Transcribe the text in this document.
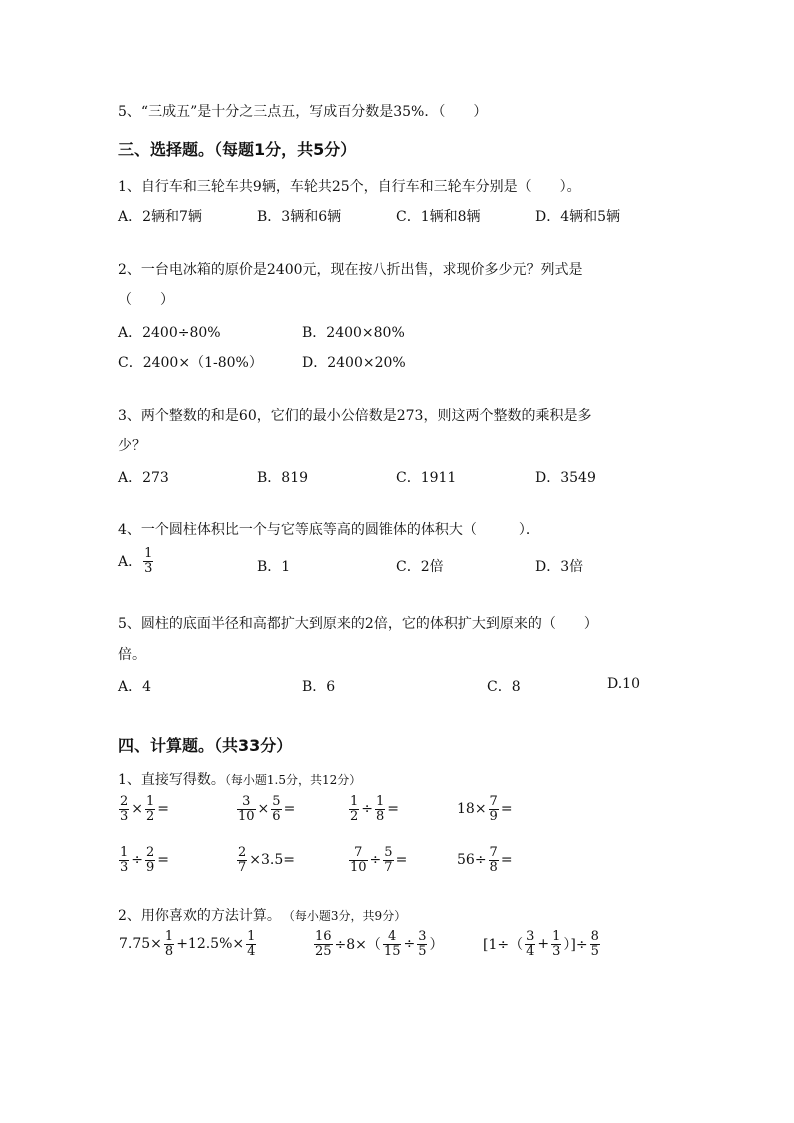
5、“三成五”是十分之三点五，写成百分数是35%．（　　）
三、选择题。（每题1分，共5分）
1、自行车和三轮车共9辆，车轮共25个，自行车和三轮车分别是（　　）。
A．2辆和7辆	B．3辆和6辆	C．1辆和8辆	D．4辆和5辆
2、一台电冰箱的原价是2400元，现在按八折出售，求现价多少元？列式是
（　　）
A．2400÷80%	B．2400×80%
C．2400×（1-80%）	D．2400×20%
3、两个整数的和是60，它们的最小公倍数是273，则这两个整数的乘积是多
少？
A．273	B．819	C．1911	D．3549
4、一个圆柱体积比一个与它等底等高的圆锥体的体积大（　　　）．
A． $\frac{1}{3}$	B．1	C．2倍	D．3倍
5、圆柱的底面半径和高都扩大到原来的2倍，它的体积扩大到原来的（　　）
倍。
A．4	B．6	C．8	D.10
四、计算题。（共33分）
1、直接写得数。（每小题1.5分，共12分）
$\frac{2}{3} \times \frac{1}{2}$ =	$\frac{3}{10} \times \frac{5}{6}$ =	$\frac{1}{2} \div \frac{1}{8}$ =	$18\times \frac{7}{9}$ =
$\frac{1}{3} \div \frac{2}{9}$ =	$\frac{2}{7} \times 3.5=$	$\frac{7}{10} \div \frac{5}{7}$ =	$56\div \frac{7}{8}$ =
2、用你喜欢的方法计算。 （每小题3分，共9分）
$7.75\times \frac{1}{8} +12.5\%\times \frac{1}{4}$	$\frac{16}{25} \div 8\times( \frac{4}{15} \div \frac{3}{5}$ ）	[$1\div( \frac{3}{4} + \frac{1}{3}$ ）]÷ $\frac{8}{5}$
